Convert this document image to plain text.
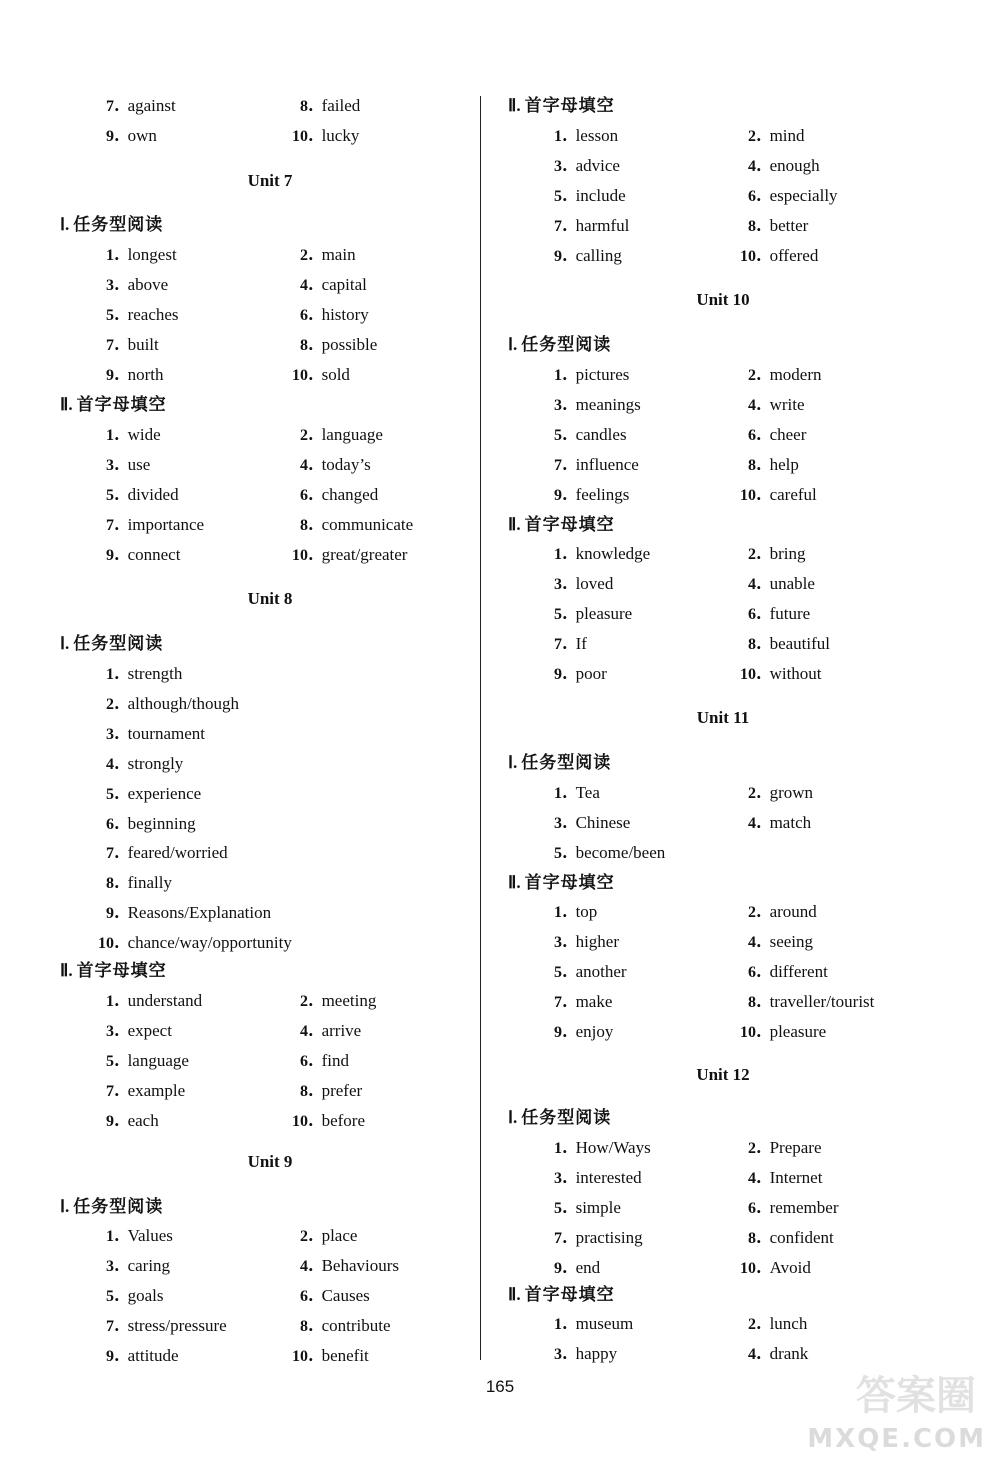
7. against	8. failed
9. own	10. lucky
Unit 7
Ⅰ. 任务型阅读
1. longest	2. main
3. above	4. capital
5. reaches	6. history
7. built	8. possible
9. north	10. sold
Ⅱ. 首字母填空
1. wide	2. language
3. use	4. today’s
5. divided	6. changed
7. importance	8. communicate
9. connect	10. great/greater
Unit 8
Ⅰ. 任务型阅读
1. strength
2. although/though
3. tournament
4. strongly
5. experience
6. beginning
7. feared/worried
8. finally
9. Reasons/Explanation
10. chance/way/opportunity
Ⅱ. 首字母填空
1. understand	2. meeting
3. expect	4. arrive
5. language	6. find
7. example	8. prefer
9. each	10. before
Unit 9
Ⅰ. 任务型阅读
1. Values	2. place
3. caring	4. Behaviours
5. goals	6. Causes
7. stress/pressure	8. contribute
9. attitude	10. benefit
Ⅱ. 首字母填空
1. lesson	2. mind
3. advice	4. enough
5. include	6. especially
7. harmful	8. better
9. calling	10. offered
Unit 10
Ⅰ. 任务型阅读
1. pictures	2. modern
3. meanings	4. write
5. candles	6. cheer
7. influence	8. help
9. feelings	10. careful
Ⅱ. 首字母填空
1. knowledge	2. bring
3. loved	4. unable
5. pleasure	6. future
7. If	8. beautiful
9. poor	10. without
Unit 11
Ⅰ. 任务型阅读
1. Tea	2. grown
3. Chinese	4. match
5. become/been
Ⅱ. 首字母填空
1. top	2. around
3. higher	4. seeing
5. another	6. different
7. make	8. traveller/tourist
9. enjoy	10. pleasure
Unit 12
Ⅰ. 任务型阅读
1. How/Ways	2. Prepare
3. interested	4. Internet
5. simple	6. remember
7. practising	8. confident
9. end	10. Avoid
Ⅱ. 首字母填空
1. museum	2. lunch
3. happy	4. drank
165	答案圈
MXQE.COM
